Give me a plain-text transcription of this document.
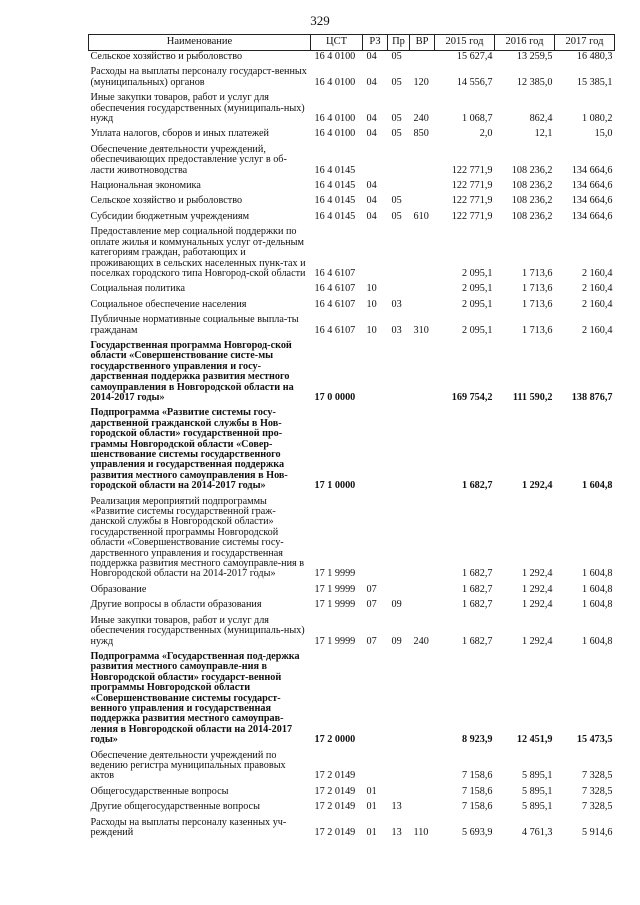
329
Наименование	ЦСТ	РЗ	Пр	ВР	2015 год	2016 год	2017 год
Сельское хозяйство и рыболовство	16 4 0100	04	05		15 627,4	13 259,5	16 480,3
Расходы на выплаты персоналу государст-венных (муниципальных) органов	16 4 0100	04	05	120	14 556,7	12 385,0	15 385,1
Иные закупки товаров, работ и услуг для обеспечения государственных (муниципаль-ных) нужд	16 4 0100	04	05	240	1 068,7	862,4	1 080,2
Уплата налогов, сборов и иных платежей	16 4 0100	04	05	850	2,0	12,1	15,0
Обеспечение деятельности учреждений, обеспечивающих предоставление услуг в об-ласти животноводства	16 4 0145				122 771,9	108 236,2	134 664,6
Национальная экономика	16 4 0145	04			122 771,9	108 236,2	134 664,6
Сельское хозяйство и рыболовство	16 4 0145	04	05		122 771,9	108 236,2	134 664,6
Субсидии бюджетным учреждениям	16 4 0145	04	05	610	122 771,9	108 236,2	134 664,6
Предоставление мер социальной поддержки по оплате жилья и коммунальных услуг от-дельным категориям граждан, работающих и проживающих в сельских населенных пунк-тах и поселках городского типа Новгород-ской области	16 4 6107				2 095,1	1 713,6	2 160,4
Социальная политика	16 4 6107	10			2 095,1	1 713,6	2 160,4
Социальное обеспечение населения	16 4 6107	10	03		2 095,1	1 713,6	2 160,4
Публичные нормативные социальные выпла-ты гражданам	16 4 6107	10	03	310	2 095,1	1 713,6	2 160,4
Государственная программа Новгород-ской области «Совершенствование систе-мы государственного управления и госу-дарственная поддержка развития местного самоуправления в Новгородской области на 2014-2017 годы»	17 0 0000				169 754,2	111 590,2	138 876,7
Подпрограмма «Развитие системы госу-дарственной гражданской службы в Нов-городской области» государственной про-граммы Новгородской области «Совер-шенствование системы государственного управления и государственная поддержка развития местного самоуправления в Нов-городской области на 2014-2017 годы»	17 1 0000				1 682,7	1 292,4	1 604,8
Реализация мероприятий подпрограммы «Развитие системы государственной граж-данской службы в Новгородской области» государственной программы Новгородской области «Совершенствование системы госу-дарственного управления и государственная поддержка развития местного самоуправле-ния в Новгородской области на 2014-2017 годы»	17 1 9999				1 682,7	1 292,4	1 604,8
Образование	17 1 9999	07			1 682,7	1 292,4	1 604,8
Другие вопросы в области образования	17 1 9999	07	09		1 682,7	1 292,4	1 604,8
Иные закупки товаров, работ и услуг для обеспечения государственных (муниципаль-ных) нужд	17 1 9999	07	09	240	1 682,7	1 292,4	1 604,8
Подпрограмма «Государственная под-держка развития местного самоуправле-ния в Новгородской области» государст-венной программы Новгородской области «Совершенствование системы государст-венного управления и государственная поддержка развития местного самоуправ-ления в Новгородской области на 2014-2017 годы»	17 2 0000				8 923,9	12 451,9	15 473,5
Обеспечение деятельности учреждений по ведению регистра муниципальных правовых актов	17 2 0149				7 158,6	5 895,1	7 328,5
Общегосударственные вопросы	17 2 0149	01			7 158,6	5 895,1	7 328,5
Другие общегосударственные вопросы	17 2 0149	01	13		7 158,6	5 895,1	7 328,5
Расходы на выплаты персоналу казенных уч-реждений	17 2 0149	01	13	110	5 693,9	4 761,3	5 914,6
